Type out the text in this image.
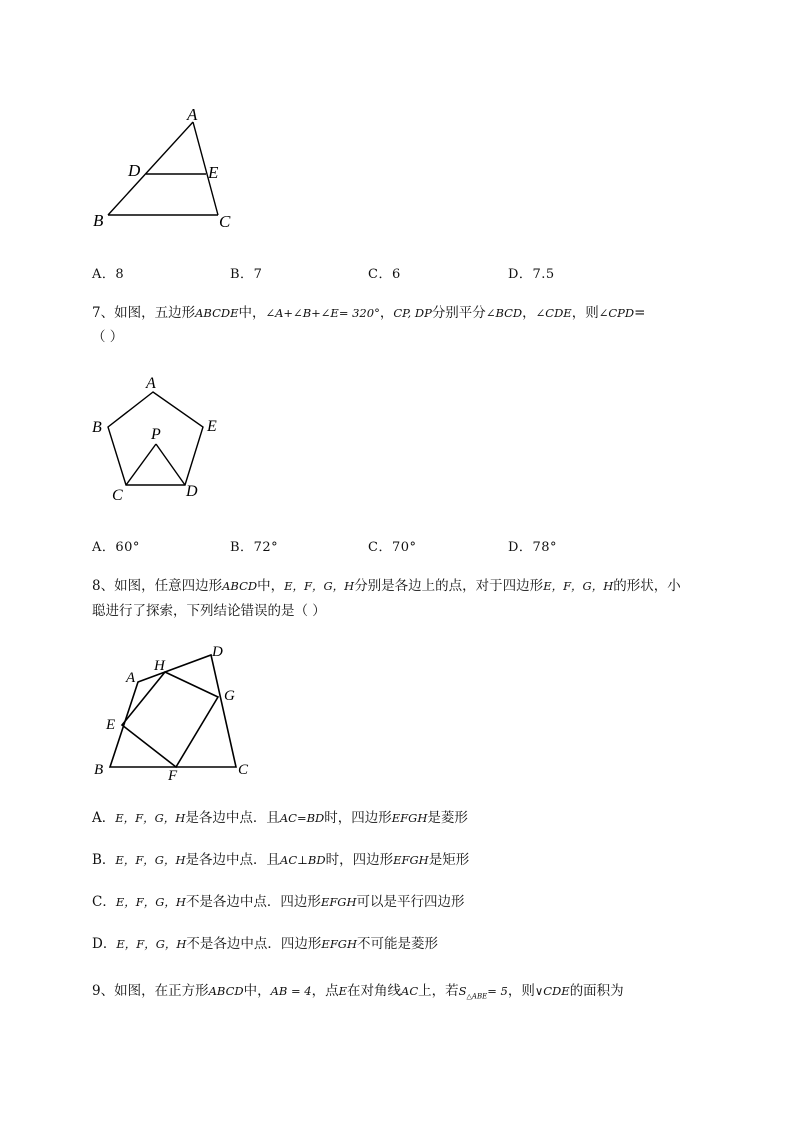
A
D	E
B	C
A．8	B．7	C．6	D．7.5
7、如图，五边形ABCDE中，∠A+∠B+∠E= 320°，CP, DP分别平分∠BCD，∠CDE，则∠CPD=
（ ）
A
B	E
P
C	D
A．60°	B．72°	C．70°	D．78°
8、如图，任意四边形ABCD中，E，F，G，H分别是各边上的点，对于四边形E，F，G，H的形状，小
聪进行了探索，下列结论错误的是（ ）
A
H
D
G
E
B	F	C
A．E，F，G，H是各边中点．且AC=BD时，四边形EFGH是菱形
B．E，F，G，H是各边中点．且AC⊥BD时，四边形EFGH是矩形
C．E，F，G，H不是各边中点．四边形EFGH可以是平行四边形
D．E，F，G，H不是各边中点．四边形EFGH不可能是菱形
9、如图，在正方形ABCD中，AB = 4，点E在对角线AC上，若$S_{\triangle ABE}= 5$，则∨CDE的面积为
